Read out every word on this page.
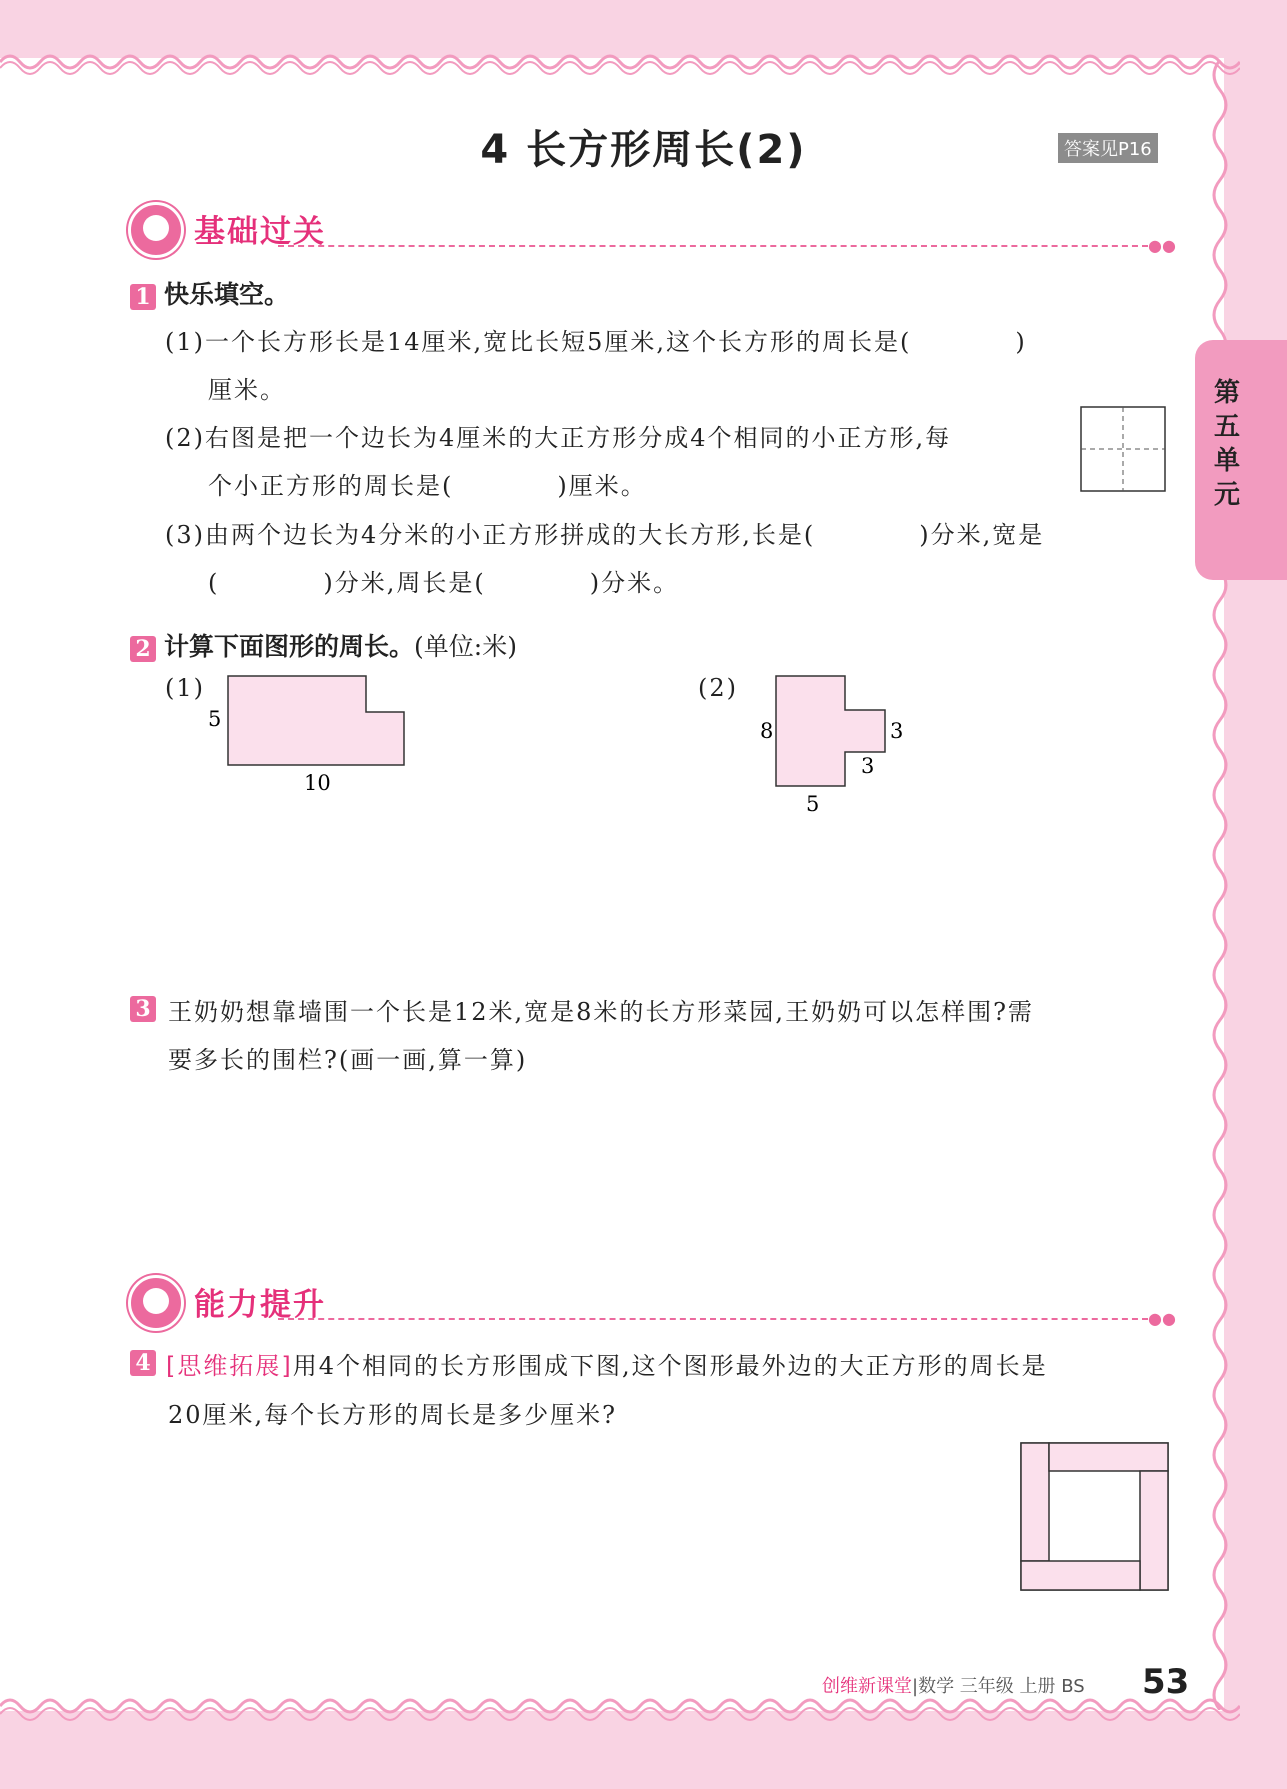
4 长方形周长(2)	答案见P16
第五单元
基础过关	●●
1 快乐填空。
(1)一个长方形长是14厘米,宽比长短5厘米,这个长方形的周长是(　　　　)
厘米。
(2)右图是把一个边长为4厘米的大正方形分成4个相同的小正方形,每
个小正方形的周长是(　　　　)厘米。
(3)由两个边长为4分米的小正方形拼成的大长方形,长是(　　　　)分米,宽是
(　　　　)分米,周长是(　　　　)分米。
2 计算下面图形的周长。(单位:米)
(1)
5
10
(2)
8	3
3
5
3 王奶奶想靠墙围一个长是12米,宽是8米的长方形菜园,王奶奶可以怎样围?需
要多长的围栏?(画一画,算一算)
能力提升	●●
4 [思维拓展]用4个相同的长方形围成下图,这个图形最外边的大正方形的周长是
20厘米,每个长方形的周长是多少厘米?
创维新课堂|数学 三年级 上册 BS 53
